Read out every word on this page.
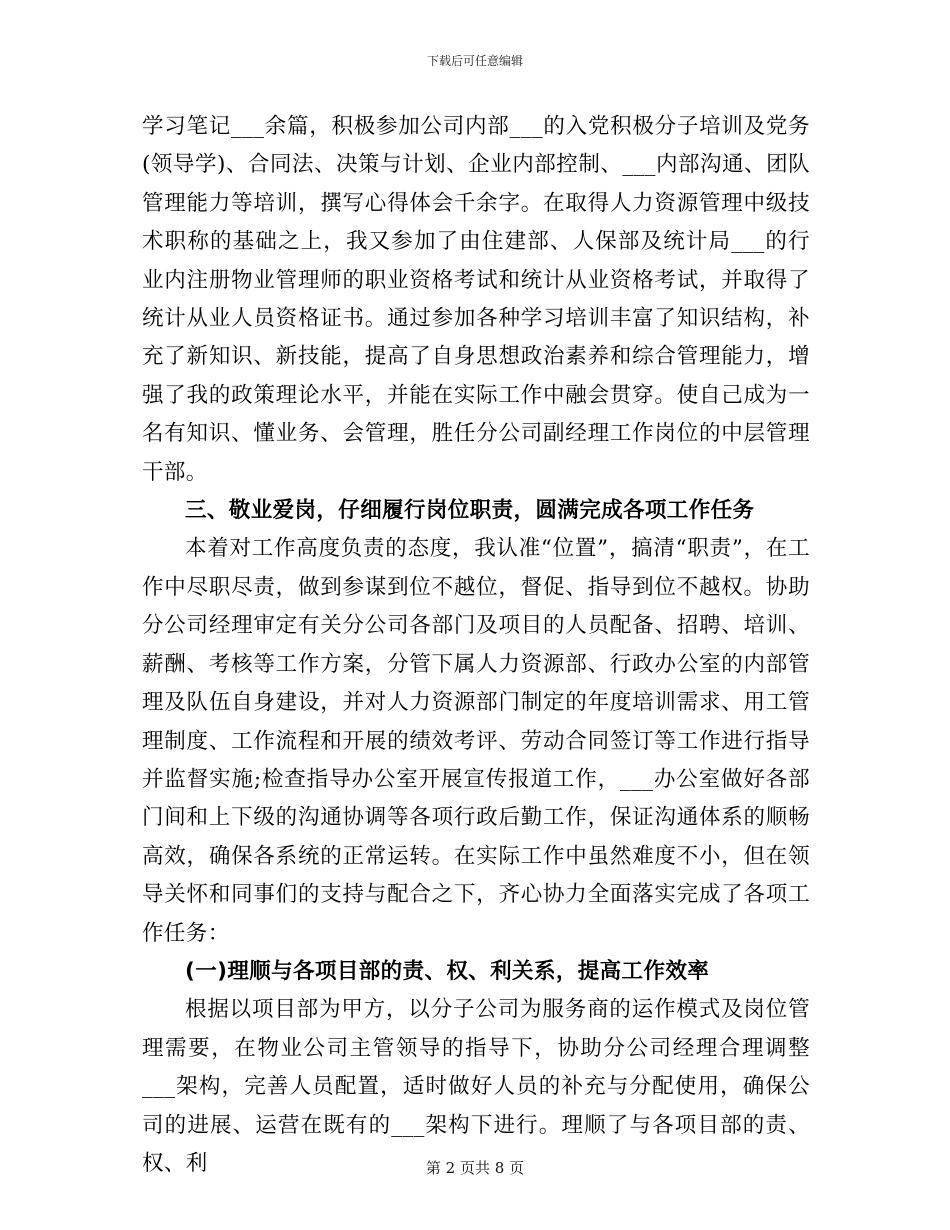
下载后可任意编辑

学习笔记___余篇，积极参加公司内部___的入党积极分子培训及党务(领导学)、合同法、决策与计划、企业内部控制、___内部沟通、团队管理能力等培训，撰写心得体会千余字。在取得人力资源管理中级技术职称的基础之上，我又参加了由住建部、人保部及统计局___的行业内注册物业管理师的职业资格考试和统计从业资格考试，并取得了统计从业人员资格证书。通过参加各种学习培训丰富了知识结构，补充了新知识、新技能，提高了自身思想政治素养和综合管理能力，增强了我的政策理论水平，并能在实际工作中融会贯穿。使自己成为一名有知识、懂业务、会管理，胜任分公司副经理工作岗位的中层管理干部。

三、敬业爱岗，仔细履行岗位职责，圆满完成各项工作任务

本着对工作高度负责的态度，我认准“位置”，搞清“职责”，在工作中尽职尽责，做到参谋到位不越位，督促、指导到位不越权。协助分公司经理审定有关分公司各部门及项目的人员配备、招聘、培训、薪酬、考核等工作方案，分管下属人力资源部、行政办公室的内部管理及队伍自身建设，并对人力资源部门制定的年度培训需求、用工管理制度、工作流程和开展的绩效考评、劳动合同签订等工作进行指导并监督实施;检查指导办公室开展宣传报道工作，___办公室做好各部门间和上下级的沟通协调等各项行政后勤工作，保证沟通体系的顺畅高效，确保各系统的正常运转。在实际工作中虽然难度不小，但在领导关怀和同事们的支持与配合之下，齐心协力全面落实完成了各项工作任务：

(一)理顺与各项目部的责、权、利关系，提高工作效率

根据以项目部为甲方，以分子公司为服务商的运作模式及岗位管理需要，在物业公司主管领导的指导下，协助分公司经理合理调整___架构，完善人员配置，适时做好人员的补充与分配使用，确保公司的进展、运营在既有的___架构下进行。理顺了与各项目部的责、权、利	第 2 页共 8 页
